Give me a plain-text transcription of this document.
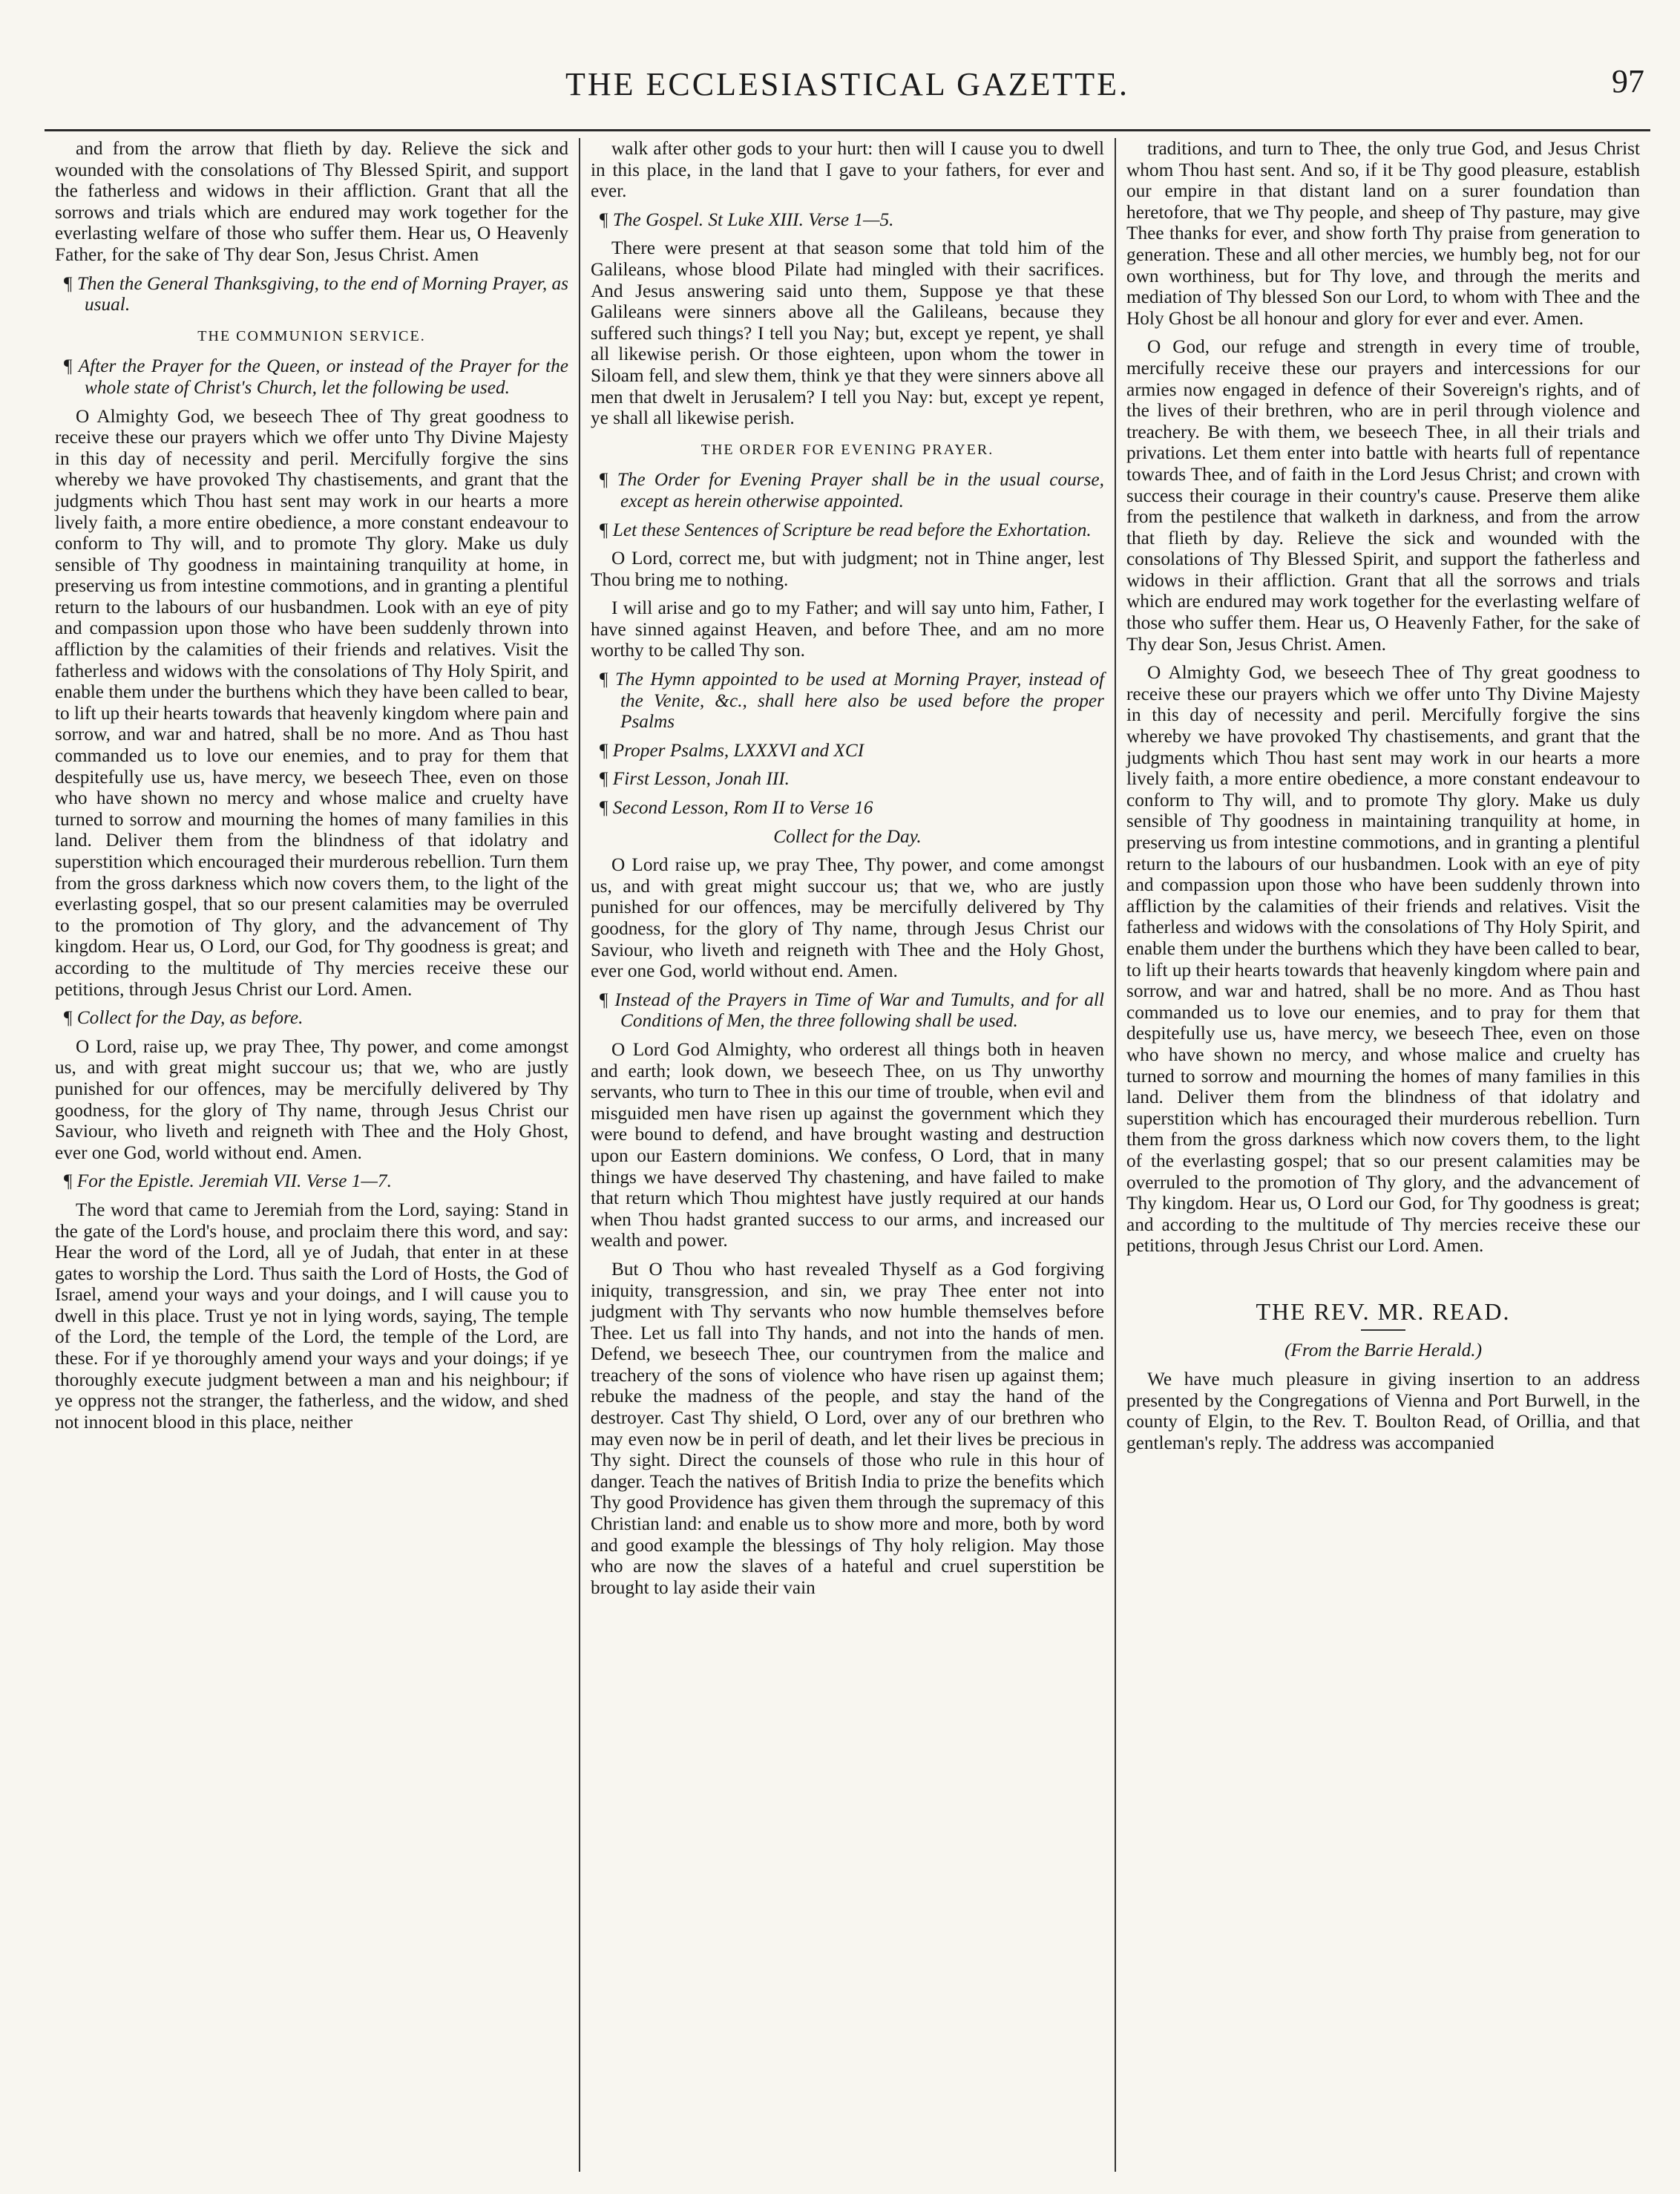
THE ECCLESIASTICAL GAZETTE.	97

and from the arrow that flieth by day. Relieve the sick and wounded with the consolations of Thy Blessed Spirit, and support the fatherless and widows in their affliction. Grant that all the sorrows and trials which are endured may work together for the everlasting welfare of those who suffer them. Hear us, O Heavenly Father, for the sake of Thy dear Son, Jesus Christ. Amen

¶ Then the General Thanksgiving, to the end of Morning Prayer, as usual.

THE COMMUNION SERVICE.

¶ After the Prayer for the Queen, or instead of the Prayer for the whole state of Christ's Church, let the following be used.

O Almighty God, we beseech Thee of Thy great goodness to receive these our prayers which we offer unto Thy Divine Majesty in this day of necessity and peril. Mercifully forgive the sins whereby we have provoked Thy chastisements, and grant that the judgments which Thou hast sent may work in our hearts a more lively faith, a more entire obedience, a more constant endeavour to conform to Thy will, and to promote Thy glory. Make us duly sensible of Thy goodness in maintaining tranquility at home, in preserving us from intestine commotions, and in granting a plentiful return to the labours of our husbandmen. Look with an eye of pity and compassion upon those who have been suddenly thrown into affliction by the calamities of their friends and relatives. Visit the fatherless and widows with the consolations of Thy Holy Spirit, and enable them under the burthens which they have been called to bear, to lift up their hearts towards that heavenly kingdom where pain and sorrow, and war and hatred, shall be no more. And as Thou hast commanded us to love our enemies, and to pray for them that despitefully use us, have mercy, we beseech Thee, even on those who have shown no mercy and whose malice and cruelty have turned to sorrow and mourning the homes of many families in this land. Deliver them from the blindness of that idolatry and superstition which encouraged their murderous rebellion. Turn them from the gross darkness which now covers them, to the light of the everlasting gospel, that so our present calamities may be overruled to the promotion of Thy glory, and the advancement of Thy kingdom. Hear us, O Lord, our God, for Thy goodness is great; and according to the multitude of Thy mercies receive these our petitions, through Jesus Christ our Lord. Amen.

¶ Collect for the Day, as before.

O Lord, raise up, we pray Thee, Thy power, and come amongst us, and with great might succour us; that we, who are justly punished for our offences, may be mercifully delivered by Thy goodness, for the glory of Thy name, through Jesus Christ our Saviour, who liveth and reigneth with Thee and the Holy Ghost, ever one God, world without end. Amen.

¶ For the Epistle. Jeremiah VII. Verse 1—7.

The word that came to Jeremiah from the Lord, saying: Stand in the gate of the Lord's house, and proclaim there this word, and say: Hear the word of the Lord, all ye of Judah, that enter in at these gates to worship the Lord. Thus saith the Lord of Hosts, the God of Israel, amend your ways and your doings, and I will cause you to dwell in this place. Trust ye not in lying words, saying, The temple of the Lord, the temple of the Lord, the temple of the Lord, are these. For if ye thoroughly amend your ways and your doings; if ye thoroughly execute judgment between a man and his neighbour; if ye oppress not the stranger, the fatherless, and the widow, and shed not innocent blood in this place, neither

walk after other gods to your hurt: then will I cause you to dwell in this place, in the land that I gave to your fathers, for ever and ever.

¶ The Gospel. St Luke XIII. Verse 1—5.

There were present at that season some that told him of the Galileans, whose blood Pilate had mingled with their sacrifices. And Jesus answering said unto them, Suppose ye that these Galileans were sinners above all the Galileans, because they suffered such things? I tell you Nay; but, except ye repent, ye shall all likewise perish. Or those eighteen, upon whom the tower in Siloam fell, and slew them, think ye that they were sinners above all men that dwelt in Jerusalem? I tell you Nay: but, except ye repent, ye shall all likewise perish.

THE ORDER FOR EVENING PRAYER.

¶ The Order for Evening Prayer shall be in the usual course, except as herein otherwise appointed.

¶ Let these Sentences of Scripture be read before the Exhortation.

O Lord, correct me, but with judgment; not in Thine anger, lest Thou bring me to nothing.

I will arise and go to my Father; and will say unto him, Father, I have sinned against Heaven, and before Thee, and am no more worthy to be called Thy son.

¶ The Hymn appointed to be used at Morning Prayer, instead of the Venite, &c., shall here also be used before the proper Psalms

¶ Proper Psalms, LXXXVI and XCI

¶ First Lesson, Jonah III.

¶ Second Lesson, Rom II to Verse 16

Collect for the Day.

O Lord raise up, we pray Thee, Thy power, and come amongst us, and with great might succour us; that we, who are justly punished for our offences, may be mercifully delivered by Thy goodness, for the glory of Thy name, through Jesus Christ our Saviour, who liveth and reigneth with Thee and the Holy Ghost, ever one God, world without end. Amen.

¶ Instead of the Prayers in Time of War and Tumults, and for all Conditions of Men, the three following shall be used.

O Lord God Almighty, who orderest all things both in heaven and earth; look down, we beseech Thee, on us Thy unworthy servants, who turn to Thee in this our time of trouble, when evil and misguided men have risen up against the government which they were bound to defend, and have brought wasting and destruction upon our Eastern dominions. We confess, O Lord, that in many things we have deserved Thy chastening, and have failed to make that return which Thou mightest have justly required at our hands when Thou hadst granted success to our arms, and increased our wealth and power.

But O Thou who hast revealed Thyself as a God forgiving iniquity, transgression, and sin, we pray Thee enter not into judgment with Thy servants who now humble themselves before Thee. Let us fall into Thy hands, and not into the hands of men. Defend, we beseech Thee, our countrymen from the malice and treachery of the sons of violence who have risen up against them; rebuke the madness of the people, and stay the hand of the destroyer. Cast Thy shield, O Lord, over any of our brethren who may even now be in peril of death, and let their lives be precious in Thy sight. Direct the counsels of those who rule in this hour of danger. Teach the natives of British India to prize the benefits which Thy good Providence has given them through the supremacy of this Christian land: and enable us to show more and more, both by word and good example the blessings of Thy holy religion. May those who are now the slaves of a hateful and cruel superstition be brought to lay aside their vain

traditions, and turn to Thee, the only true God, and Jesus Christ whom Thou hast sent. And so, if it be Thy good pleasure, establish our empire in that distant land on a surer foundation than heretofore, that we Thy people, and sheep of Thy pasture, may give Thee thanks for ever, and show forth Thy praise from generation to generation. These and all other mercies, we humbly beg, not for our own worthiness, but for Thy love, and through the merits and mediation of Thy blessed Son our Lord, to whom with Thee and the Holy Ghost be all honour and glory for ever and ever. Amen.

O God, our refuge and strength in every time of trouble, mercifully receive these our prayers and intercessions for our armies now engaged in defence of their Sovereign's rights, and of the lives of their brethren, who are in peril through violence and treachery. Be with them, we beseech Thee, in all their trials and privations. Let them enter into battle with hearts full of repentance towards Thee, and of faith in the Lord Jesus Christ; and crown with success their courage in their country's cause. Preserve them alike from the pestilence that walketh in darkness, and from the arrow that flieth by day. Relieve the sick and wounded with the consolations of Thy Blessed Spirit, and support the fatherless and widows in their affliction. Grant that all the sorrows and trials which are endured may work together for the everlasting welfare of those who suffer them. Hear us, O Heavenly Father, for the sake of Thy dear Son, Jesus Christ. Amen.

O Almighty God, we beseech Thee of Thy great goodness to receive these our prayers which we offer unto Thy Divine Majesty in this day of necessity and peril. Mercifully forgive the sins whereby we have provoked Thy chastisements, and grant that the judgments which Thou hast sent may work in our hearts a more lively faith, a more entire obedience, a more constant endeavour to conform to Thy will, and to promote Thy glory. Make us duly sensible of Thy goodness in maintaining tranquility at home, in preserving us from intestine commotions, and in granting a plentiful return to the labours of our husbandmen. Look with an eye of pity and compassion upon those who have been suddenly thrown into affliction by the calamities of their friends and relatives. Visit the fatherless and widows with the consolations of Thy Holy Spirit, and enable them under the burthens which they have been called to bear, to lift up their hearts towards that heavenly kingdom where pain and sorrow, and war and hatred, shall be no more. And as Thou hast commanded us to love our enemies, and to pray for them that despitefully use us, have mercy, we beseech Thee, even on those who have shown no mercy, and whose malice and cruelty has turned to sorrow and mourning the homes of many families in this land. Deliver them from the blindness of that idolatry and superstition which has encouraged their murderous rebellion. Turn them from the gross darkness which now covers them, to the light of the everlasting gospel; that so our present calamities may be overruled to the promotion of Thy glory, and the advancement of Thy kingdom. Hear us, O Lord our God, for Thy goodness is great; and according to the multitude of Thy mercies receive these our petitions, through Jesus Christ our Lord. Amen.

THE REV. MR. READ.

(From the Barrie Herald.)

We have much pleasure in giving insertion to an address presented by the Congregations of Vienna and Port Burwell, in the county of Elgin, to the Rev. T. Boulton Read, of Orillia, and that gentleman's reply. The address was accompanied
